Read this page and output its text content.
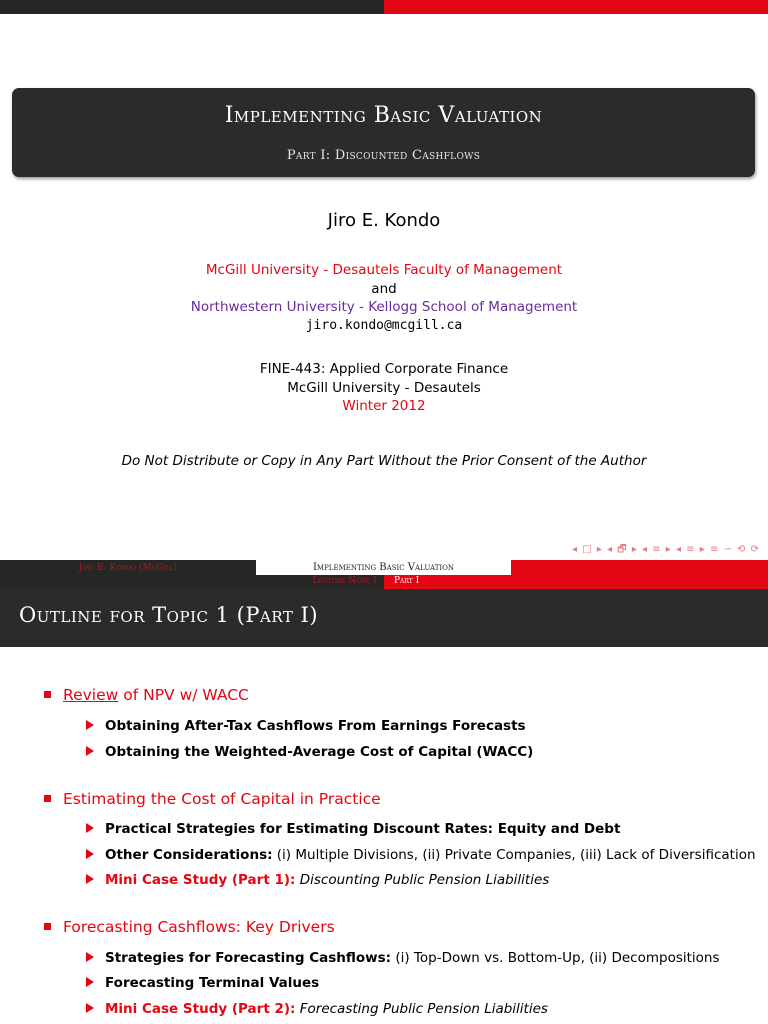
Implementing Basic Valuation
Part I: Discounted Cashflows
Jiro E. Kondo
McGill University - Desautels Faculty of Management
and
Northwestern University - Kellogg School of Management
jiro.kondo@mcgill.ca
FINE-443: Applied Corporate Finance
McGill University - Desautels
Winter 2012
Do Not Distribute or Copy in Any Part Without the Prior Consent of the Author
◂ □ ▸ ◂ 🗗 ▸ ◂ ≡ ▸ ◂ ≡ ▸ ≡ ∽ ⟲ ⟳
Jiro E. Kondo (McGill)	Implementing Basic Valuation
Lecture Note 1	Part I
Outline for Topic 1 (Part I)
Review of NPV w/ WACC
Obtaining After-Tax Cashflows From Earnings Forecasts
Obtaining the Weighted-Average Cost of Capital (WACC)
Estimating the Cost of Capital in Practice
Practical Strategies for Estimating Discount Rates: Equity and Debt
Other Considerations: (i) Multiple Divisions, (ii) Private Companies, (iii) Lack of Diversification
Mini Case Study (Part 1): Discounting Public Pension Liabilities
Forecasting Cashflows: Key Drivers
Strategies for Forecasting Cashflows: (i) Top-Down vs. Bottom-Up, (ii) Decompositions
Forecasting Terminal Values
Mini Case Study (Part 2): Forecasting Public Pension Liabilities
